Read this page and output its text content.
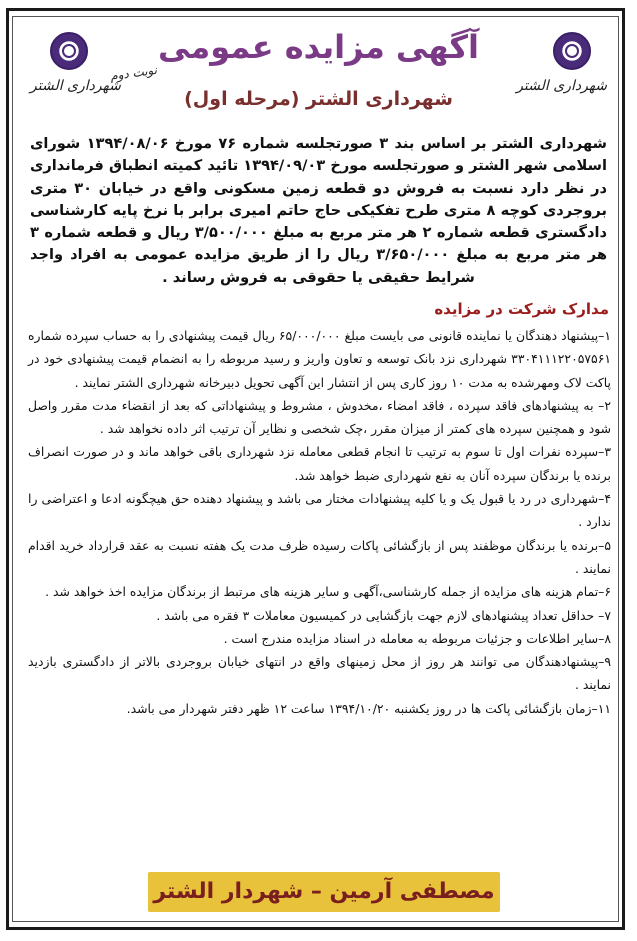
شهرداری الشتر	شهرداری الشتر
نوبت دوم
آگهی مزایده عمومی
شهرداری الشتر (مرحله اول)
شهرداری الشتر بر اساس بند ۳ صورتجلسه شماره ۷۶ مورخ ۱۳۹۴/۰۸/۰۶ شورای اسلامی شهر الشتر و صورتجلسه مورخ ۱۳۹۴/۰۹/۰۳ تائید کمیته انطباق فرمانداری در نظر دارد نسبت به فروش دو قطعه زمین مسکونی واقع در خیابان ۳۰ متری بروجردی کوچه ۸ متری طرح تفکیکی حاج حاتم امیری برابر با نرخ پایه کارشناسی دادگستری قطعه شماره ۲ هر متر مربع به مبلغ ۳/۵۰۰/۰۰۰ ریال و قطعه شماره ۳ هر متر مربع به مبلغ ۳/۶۵۰/۰۰۰ ریال را از طریق مزایده عمومی به افراد واجد شرایط حقیقی یا حقوقی به فروش رساند .
مدارک شرکت در مزایده
۱–پیشنهاد دهندگان یا نماینده قانونی می بایست مبلغ ۶۵/۰۰۰/۰۰۰ ریال قیمت پیشنهادی را به حساب سپرده شماره ۳۳۰۴۱۱۱۲۲۰۵۷۵۶۱ شهرداری نزد بانک توسعه و تعاون واریز و رسید مربوطه را به انضمام قیمت پیشنهادی خود در پاکت لاک ومهرشده به مدت ۱۰ روز کاری پس از انتشار این آگهی تحویل دبیرخانه شهرداری الشتر نمایند .
۲– به پیشنهادهای فاقد سپرده ، فاقد امضاء ،مخدوش ، مشروط و پیشنهاداتی که بعد از انقضاء مدت مقرر واصل شود و همچنین سپرده های کمتر از میزان مقرر ،چک شخصی و نظایر آن ترتیب اثر داده نخواهد شد .
۳–سپرده نفرات اول تا سوم به ترتیب تا انجام قطعی معامله نزد شهرداری باقی خواهد ماند و در صورت انصراف برنده یا برندگان سپرده آنان به نفع شهرداری ضبط خواهد شد.
۴–شهرداری در رد یا قبول یک و یا کلیه پیشنهادات مختار می باشد و پیشنهاد دهنده حق هیچگونه ادعا و اعتراضی را ندارد .
۵–برنده یا برندگان موظفند پس از بازگشائی پاکات رسیده ظرف مدت یک هفته نسبت به عقد قرارداد خرید اقدام نمایند .
۶–تمام هزینه های مزایده از جمله کارشناسی،آگهی و سایر هزینه های مرتبط از برندگان مزایده اخذ خواهد شد .
۷– حداقل تعداد پیشنهادهای لازم جهت بازگشایی در کمیسیون معاملات ۳ فقره می باشد .
۸–سایر اطلاعات و جزئیات مربوطه به معامله در اسناد مزایده مندرج است .
۹–پیشنهادهندگان می توانند هر روز از محل زمینهای واقع در انتهای خیابان بروجردی بالاتر از دادگستری بازدید نمایند .
۱۱–زمان بازگشائی پاکت ها در روز یکشنبه ۱۳۹۴/۱۰/۲۰ ساعت ۱۲ ظهر دفتر شهردار می باشد.
مصطفی آرمین – شهردار الشتر
